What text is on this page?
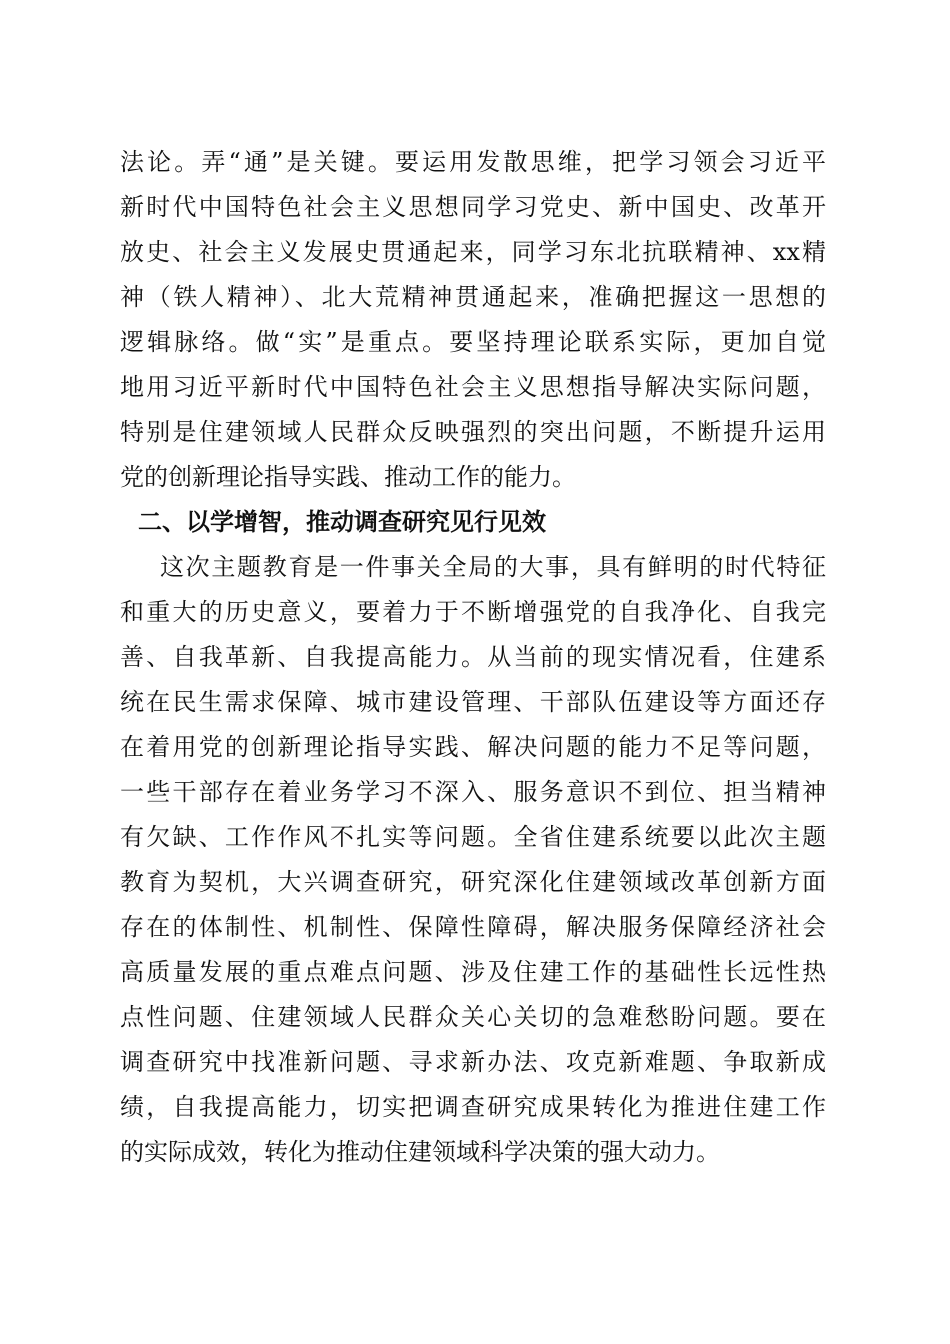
法论。弄“通”是关键。要运用发散思维，把学习领会习近平
新时代中国特色社会主义思想同学习党史、新中国史、改革开
放史、社会主义发展史贯通起来，同学习东北抗联精神、xx精
神（铁人精神）、北大荒精神贯通起来，准确把握这一思想的
逻辑脉络。做“实”是重点。要坚持理论联系实际，更加自觉
地用习近平新时代中国特色社会主义思想指导解决实际问题，
特别是住建领域人民群众反映强烈的突出问题，不断提升运用
党的创新理论指导实践、推动工作的能力。
二、以学增智，推动调查研究见行见效
这次主题教育是一件事关全局的大事，具有鲜明的时代特征
和重大的历史意义，要着力于不断增强党的自我净化、自我完
善、自我革新、自我提高能力。从当前的现实情况看，住建系
统在民生需求保障、城市建设管理、干部队伍建设等方面还存
在着用党的创新理论指导实践、解决问题的能力不足等问题，
一些干部存在着业务学习不深入、服务意识不到位、担当精神
有欠缺、工作作风不扎实等问题。全省住建系统要以此次主题
教育为契机，大兴调查研究，研究深化住建领域改革创新方面
存在的体制性、机制性、保障性障碍，解决服务保障经济社会
高质量发展的重点难点问题、涉及住建工作的基础性长远性热
点性问题、住建领域人民群众关心关切的急难愁盼问题。要在
调查研究中找准新问题、寻求新办法、攻克新难题、争取新成
绩，自我提高能力，切实把调查研究成果转化为推进住建工作
的实际成效，转化为推动住建领域科学决策的强大动力。
